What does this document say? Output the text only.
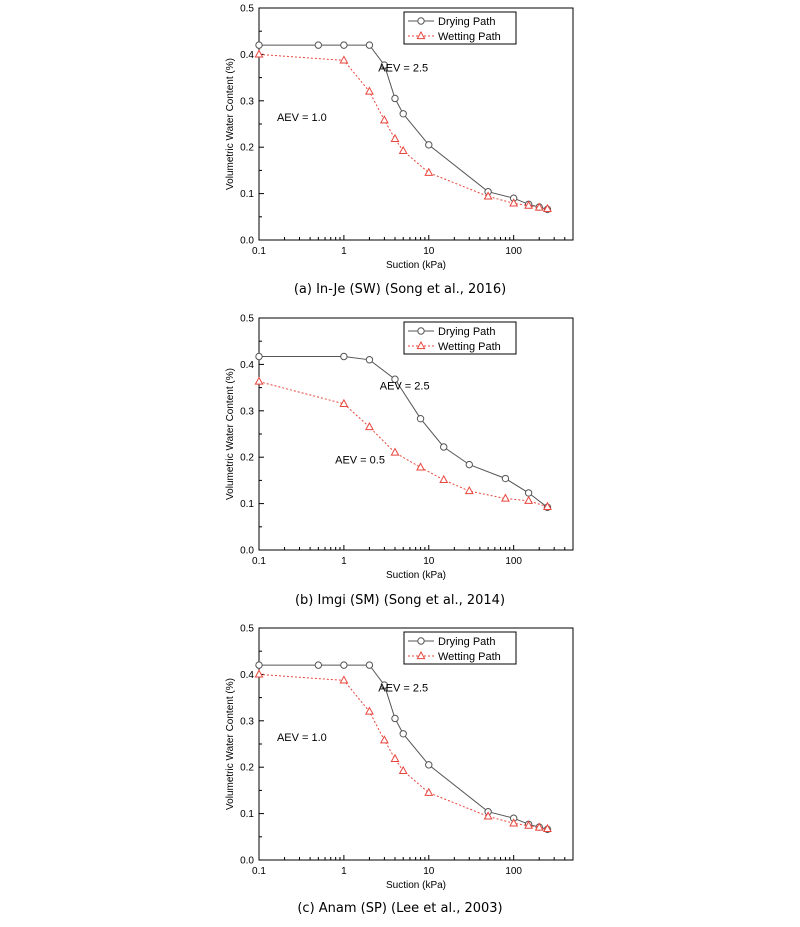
0.0
0.1
0.2
0.3
0.4
0.5
0.1	1	10	100
Suction (kPa)
Volumetric Water Content (%)	AEV = 2.5
AEV = 1.0
Drying Path
Wetting Path
(a) In-Je (SW) (Song et al., 2016)
0.0
0.1
0.2
0.3
0.4
0.5
0.1	1	10	100
Suction (kPa)
Volumetric Water Content (%)	AEV = 2.5
AEV = 0.5
Drying Path
Wetting Path
(b) Imgi (SM) (Song et al., 2014)
0.0
0.1
0.2
0.3
0.4
0.5
0.1	1	10	100
Suction (kPa)
Volumetric Water Content (%)	AEV = 2.5
AEV = 1.0
Drying Path
Wetting Path
(c) Anam (SP) (Lee et al., 2003)
